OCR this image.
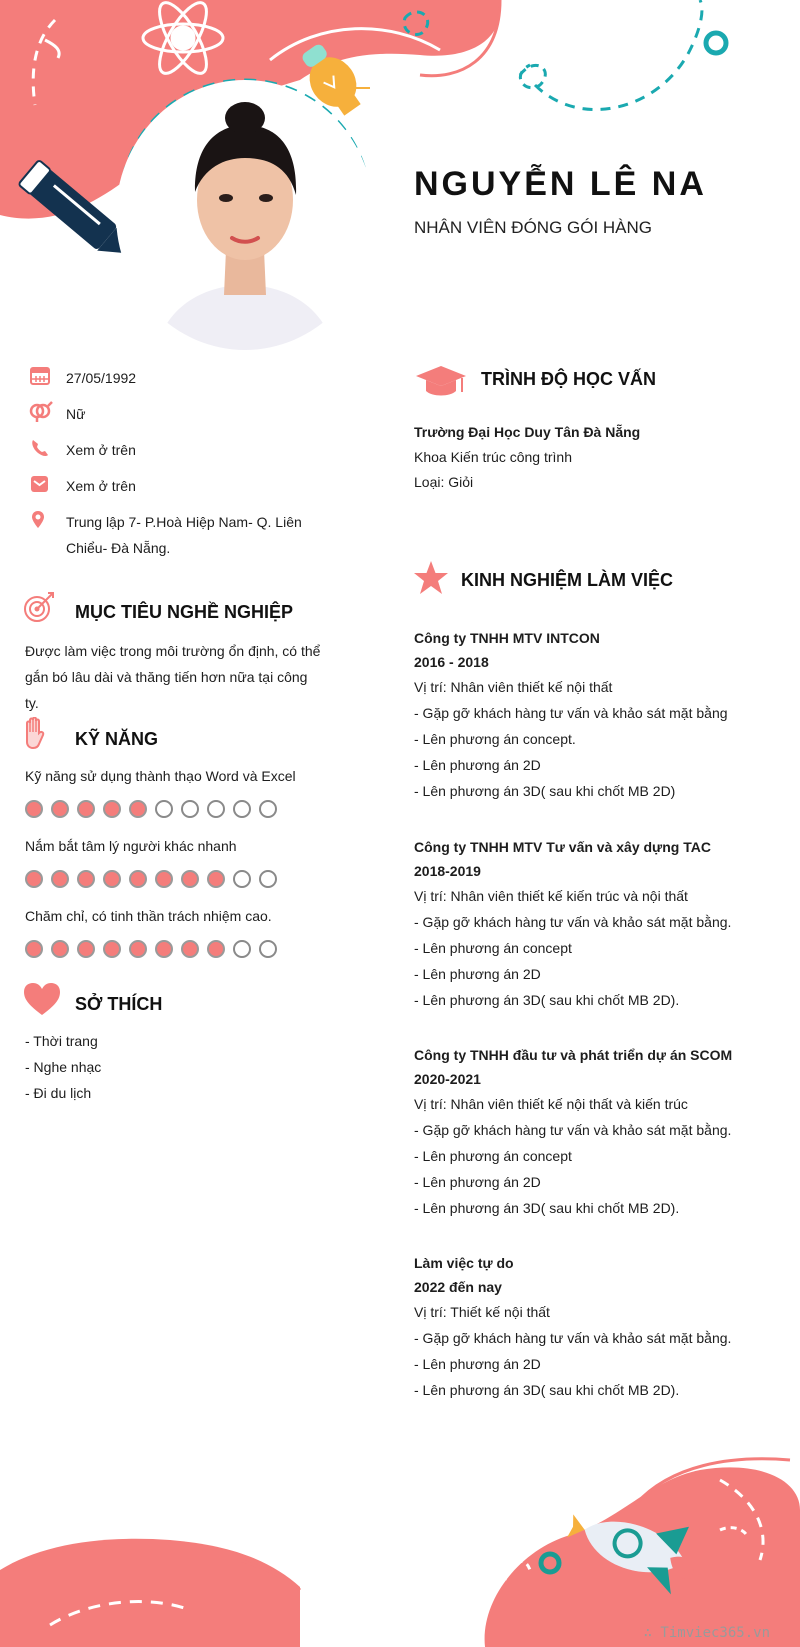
NGUYỄN LÊ NA
NHÂN VIÊN ĐÓNG GÓI HÀNG
27/05/1992
Nữ
Xem ở trên
Xem ở trên
Trung lập 7- P.Hoà Hiệp Nam- Q. Liên Chiểu- Đà Nẵng.
MỤC TIÊU NGHỀ NGHIỆP
Được làm việc trong môi trường ổn định, có thể gắn bó lâu dài và thăng tiến hơn nữa tại công ty.
KỸ NĂNG
Kỹ năng sử dụng thành thạo Word và Excel
Nắm bắt tâm lý người khác nhanh
Chăm chỉ, có tinh thần trách nhiệm cao.
SỞ THÍCH
- Thời trang
- Nghe nhạc
- Đi du lịch
TRÌNH ĐỘ HỌC VẤN
Trường Đại Học Duy Tân Đà Nẵng
Khoa Kiến trúc công trình
Loại: Giỏi
KINH NGHIỆM LÀM VIỆC
Công ty TNHH MTV INTCON
2016 - 2018
Vị trí: Nhân viên thiết kế nội thất
- Gặp gỡ khách hàng tư vấn và khảo sát mặt bằng
- Lên phương án concept.
- Lên phương án 2D
- Lên phương án 3D( sau khi chốt MB 2D)
Công ty TNHH MTV Tư vấn và xây dựng TAC
2018-2019
Vị trí: Nhân viên thiết kế kiến trúc và nội thất
- Gặp gỡ khách hàng tư vấn và khảo sát mặt bằng.
- Lên phương án concept
- Lên phương án 2D
- Lên phương án 3D( sau khi chốt MB 2D).
Công ty TNHH đầu tư và phát triển dự án SCOM
2020-2021
Vị trí: Nhân viên thiết kế nội thất và kiến trúc
- Gặp gỡ khách hàng tư vấn và khảo sát mặt bằng.
- Lên phương án concept
- Lên phương án 2D
- Lên phương án 3D( sau khi chốt MB 2D).
Làm việc tự do
2022 đến nay
Vị trí: Thiết kế nội thất
- Gặp gỡ khách hàng tư vấn và khảo sát mặt bằng.
- Lên phương án 2D
- Lên phương án 3D( sau khi chốt MB 2D).
∴ Timviec365.vn
